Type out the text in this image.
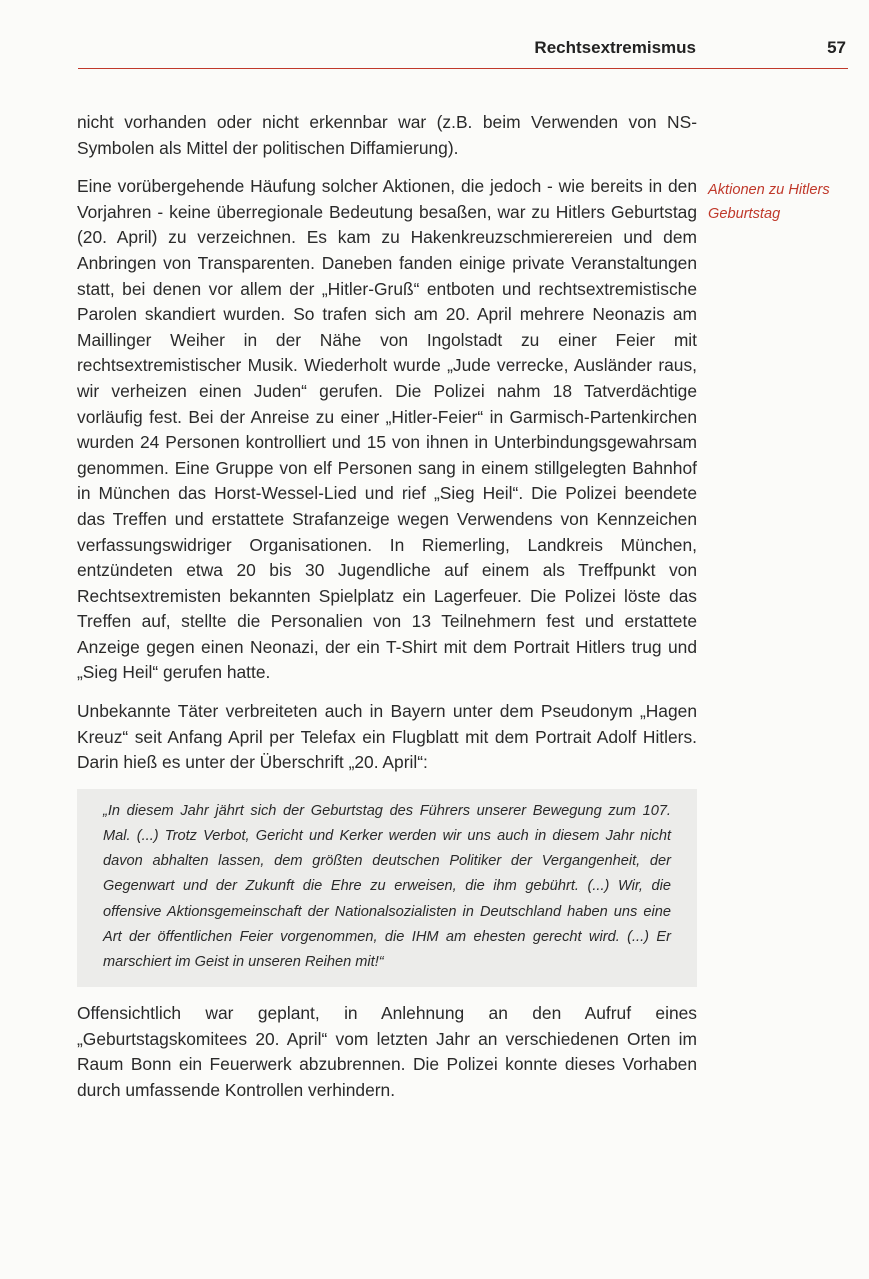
Rechtsextremismus	57
Aktionen zu Hitlers Geburtstag

nicht vorhanden oder nicht erkennbar war (z.B. beim Verwenden von NS-Symbolen als Mittel der politischen Diffamierung).

Eine vorübergehende Häufung solcher Aktionen, die jedoch - wie bereits in den Vorjahren - keine überregionale Bedeutung besaßen, war zu Hitlers Geburtstag (20. April) zu verzeichnen. Es kam zu Hakenkreuzschmierereien und dem Anbringen von Transparenten. Daneben fanden einige private Veranstaltungen statt, bei denen vor allem der „Hitler-Gruß“ entboten und rechtsextremistische Parolen skandiert wurden. So trafen sich am 20. April mehrere Neonazis am Maillinger Weiher in der Nähe von Ingolstadt zu einer Feier mit rechtsextremistischer Musik. Wiederholt wurde „Jude verrecke, Ausländer raus, wir verheizen einen Juden“ gerufen. Die Polizei nahm 18 Tatverdächtige vorläufig fest. Bei der Anreise zu einer „Hitler-Feier“ in Garmisch-Partenkirchen wurden 24 Personen kontrolliert und 15 von ihnen in Unterbindungsgewahrsam genommen. Eine Gruppe von elf Personen sang in einem stillgelegten Bahnhof in München das Horst-Wessel-Lied und rief „Sieg Heil“. Die Polizei beendete das Treffen und erstattete Strafanzeige wegen Verwendens von Kennzeichen verfassungswidriger Organisationen. In Riemerling, Landkreis München, entzündeten etwa 20 bis 30 Jugendliche auf einem als Treffpunkt von Rechtsextremisten bekannten Spielplatz ein Lagerfeuer. Die Polizei löste das Treffen auf, stellte die Personalien von 13 Teilnehmern fest und erstattete Anzeige gegen einen Neonazi, der ein T-Shirt mit dem Portrait Hitlers trug und „Sieg Heil“ gerufen hatte.

Unbekannte Täter verbreiteten auch in Bayern unter dem Pseudonym „Hagen Kreuz“ seit Anfang April per Telefax ein Flugblatt mit dem Portrait Adolf Hitlers. Darin hieß es unter der Überschrift „20. April“:

„In diesem Jahr jährt sich der Geburtstag des Führers unserer Bewegung zum 107. Mal. (...) Trotz Verbot, Gericht und Kerker werden wir uns auch in diesem Jahr nicht davon abhalten lassen, dem größten deutschen Politiker der Vergangenheit, der Gegenwart und der Zukunft die Ehre zu erweisen, die ihm gebührt. (...) Wir, die offensive Aktionsgemeinschaft der Nationalsozialisten in Deutschland haben uns eine Art der öffentlichen Feier vorgenommen, die IHM am ehesten gerecht wird. (...) Er marschiert im Geist in unseren Reihen mit!“

Offensichtlich war geplant, in Anlehnung an den Aufruf eines „Geburtstagskomitees 20. April“ vom letzten Jahr an verschiedenen Orten im Raum Bonn ein Feuerwerk abzubrennen. Die Polizei konnte dieses Vorhaben durch umfassende Kontrollen verhindern.
